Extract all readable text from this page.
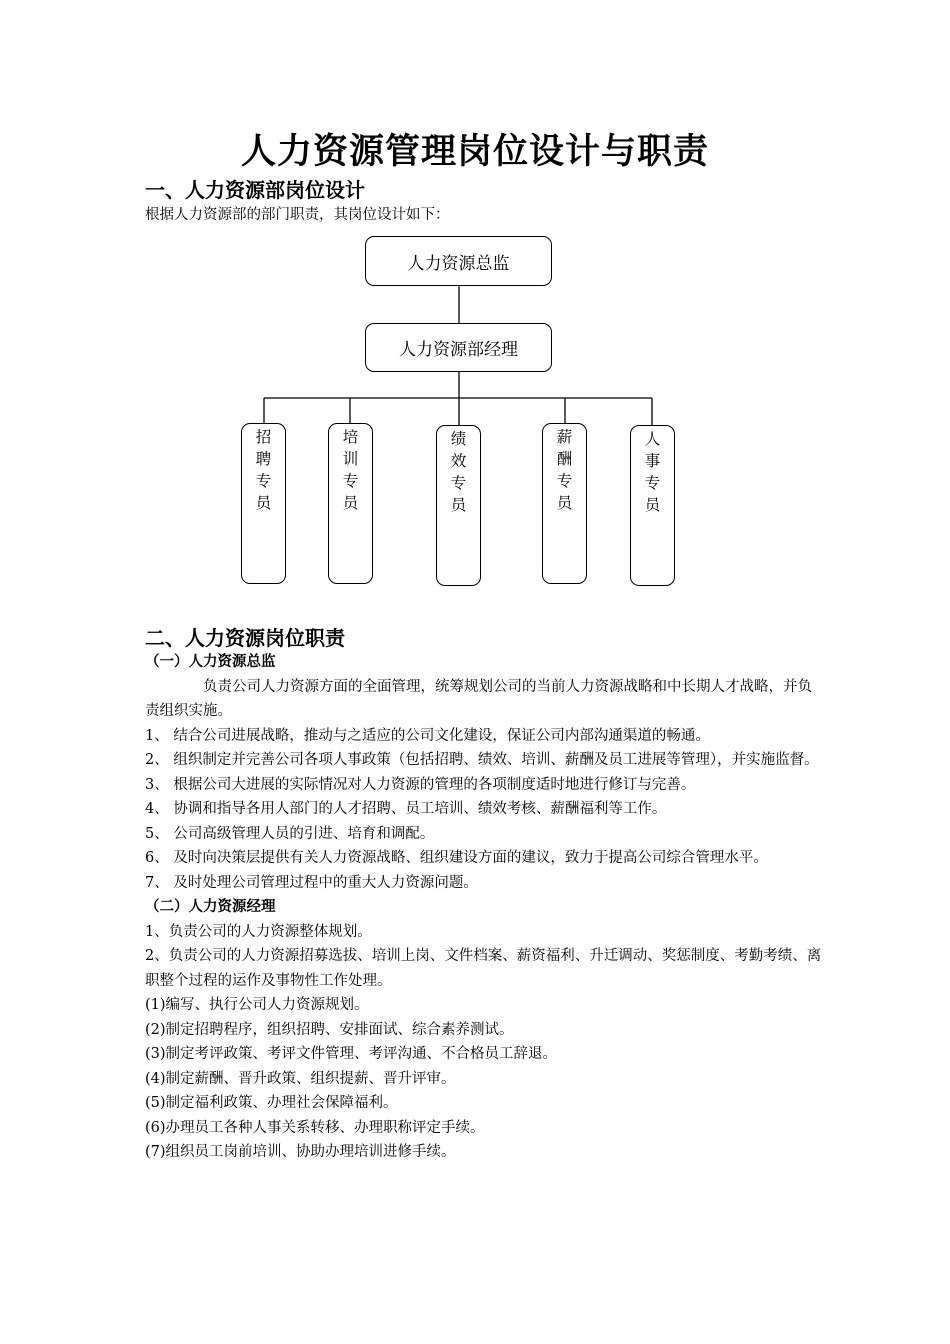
人力资源管理岗位设计与职责
一、人力资源部岗位设计

根据人力资源部的部门职责，其岗位设计如下：

人力资源总监
人力资源部经理
招
聘
专
员
培
训
专
员
绩
效
专
员
薪
酬
专
员
人
事
专
员
二、人力资源岗位职责

（一）人力资源总监

负责公司人力资源方面的全面管理，统筹规划公司的当前人力资源战略和中长期人才战略，并负责组织实施。

1、 结合公司进展战略，推动与之适应的公司文化建设，保证公司内部沟通渠道的畅通。

2、 组织制定并完善公司各项人事政策（包括招聘、绩效、培训、薪酬及员工进展等管理），并实施监督。

3、 根据公司大进展的实际情况对人力资源的管理的各项制度适时地进行修订与完善。

4、 协调和指导各用人部门的人才招聘、员工培训、绩效考核、薪酬福利等工作。

5、 公司高级管理人员的引进、培育和调配。

6、 及时向决策层提供有关人力资源战略、组织建设方面的建议，致力于提高公司综合管理水平。

7、 及时处理公司管理过程中的重大人力资源问题。

（二）人力资源经理

1、负责公司的人力资源整体规划。

2、负责公司的人力资源招募选拔、培训上岗、文件档案、薪资福利、升迁调动、奖惩制度、考勤考绩、离职整个过程的运作及事物性工作处理。

(1)编写、执行公司人力资源规划。

(2)制定招聘程序，组织招聘、安排面试、综合素养测试。

(3)制定考评政策、考评文件管理、考评沟通、不合格员工辞退。

(4)制定薪酬、晋升政策、组织提薪、晋升评审。

(5)制定福利政策、办理社会保障福利。

(6)办理员工各种人事关系转移、办理职称评定手续。

(7)组织员工岗前培训、协助办理培训进修手续。
